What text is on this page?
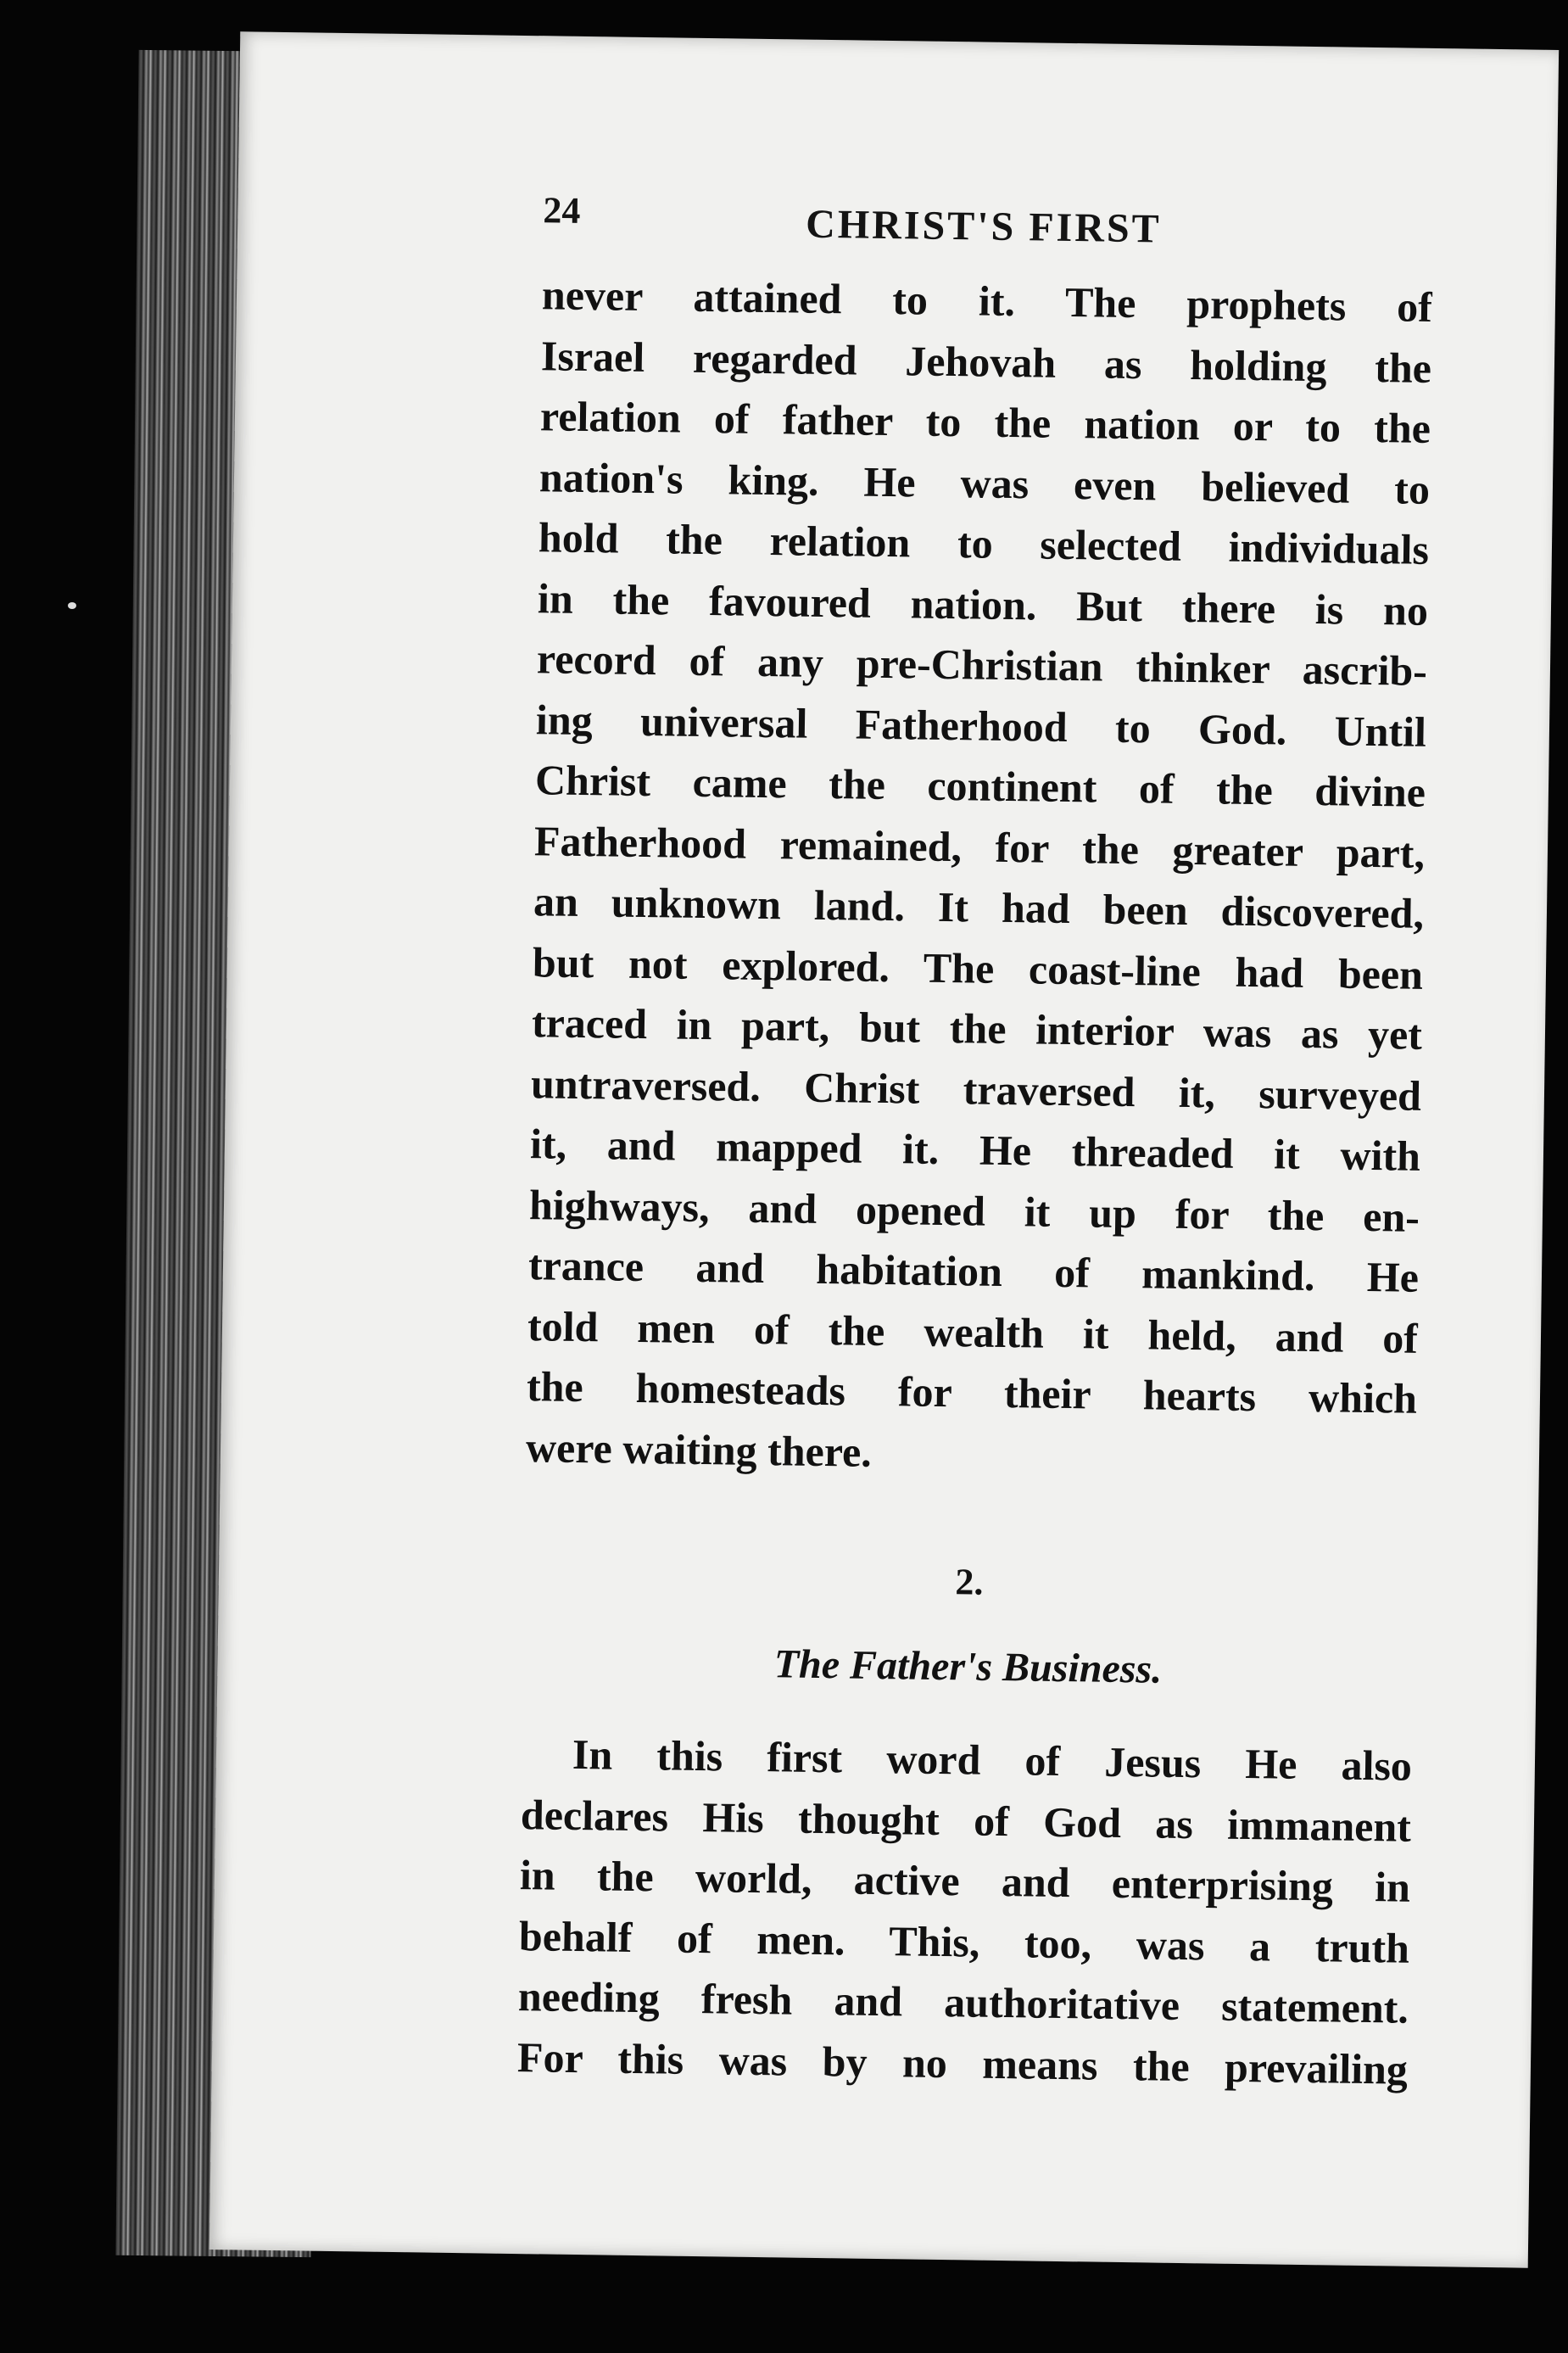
24	CHRIST'S FIRST
never attained to it. The prophets of
Israel regarded Jehovah as holding the
relation of father to the nation or to the
nation's king. He was even believed to
hold the relation to selected individuals
in the favoured nation. But there is no
record of any pre-Christian thinker ascrib-
ing universal Fatherhood to God. Until
Christ came the continent of the divine
Fatherhood remained, for the greater part,
an unknown land. It had been discovered,
but not explored. The coast-line had been
traced in part, but the interior was as yet
untraversed. Christ traversed it, surveyed
it, and mapped it. He threaded it with
highways, and opened it up for the en-
trance and habitation of mankind. He
told men of the wealth it held, and of
the homesteads for their hearts which
were waiting there.
2.
The Father's Business.
In this first word of Jesus He also
declares His thought of God as immanent
in the world, active and enterprising in
behalf of men. This, too, was a truth
needing fresh and authoritative statement.
For this was by no means the prevailing
